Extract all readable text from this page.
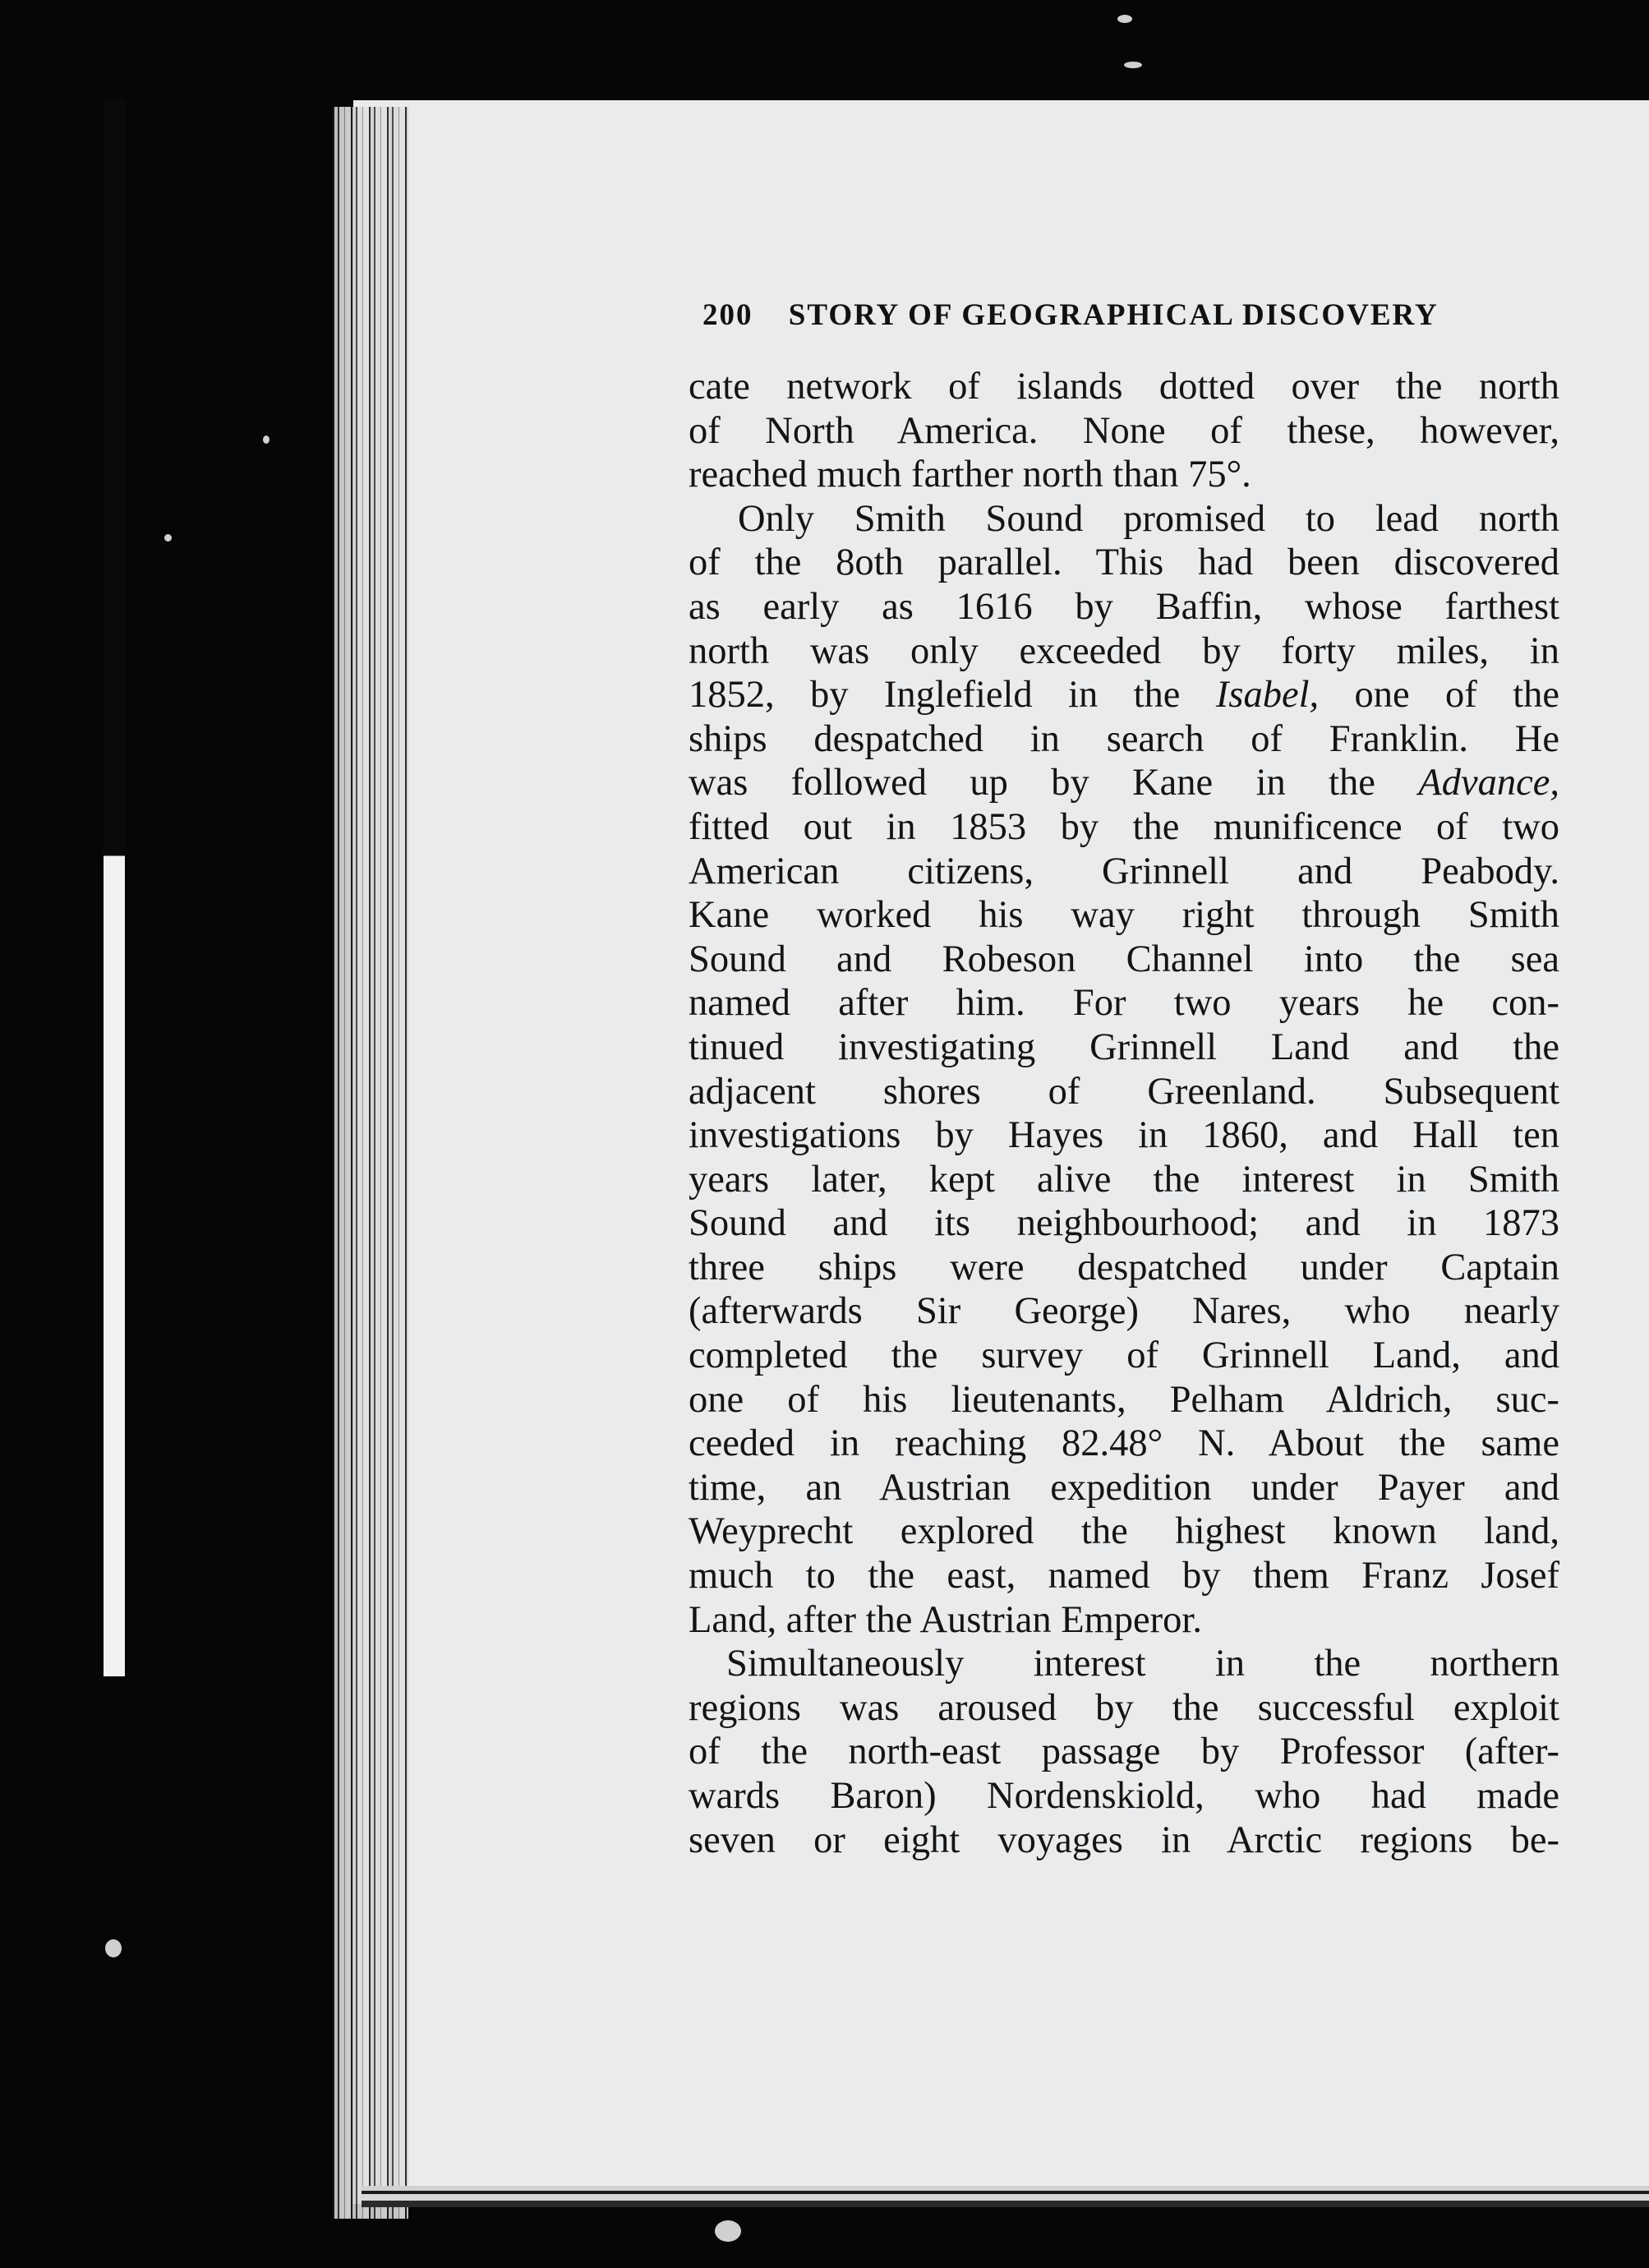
200 STORY OF GEOGRAPHICAL DISCOVERY
cate network of islands dotted over the north
of North America. None of these, however,
reached much farther north than 75°.
Only Smith Sound promised to lead north
of the 8oth parallel. This had been discovered
as early as 1616 by Baffin, whose farthest
north was only exceeded by forty miles, in
1852, by Inglefield in the Isabel, one of the
ships despatched in search of Franklin. He
was followed up by Kane in the Advance,
fitted out in 1853 by the munificence of two
American citizens, Grinnell and Peabody.
Kane worked his way right through Smith
Sound and Robeson Channel into the sea
named after him. For two years he con-
tinued investigating Grinnell Land and the
adjacent shores of Greenland. Subsequent
investigations by Hayes in 1860, and Hall ten
years later, kept alive the interest in Smith
Sound and its neighbourhood; and in 1873
three ships were despatched under Captain
(afterwards Sir George) Nares, who nearly
completed the survey of Grinnell Land, and
one of his lieutenants, Pelham Aldrich, suc-
ceeded in reaching 82.48° N. About the same
time, an Austrian expedition under Payer and
Weyprecht explored the highest known land,
much to the east, named by them Franz Josef
Land, after the Austrian Emperor.
Simultaneously interest in the northern
regions was aroused by the successful exploit
of the north-east passage by Professor (after-
wards Baron) Nordenskiold, who had made
seven or eight voyages in Arctic regions be-
